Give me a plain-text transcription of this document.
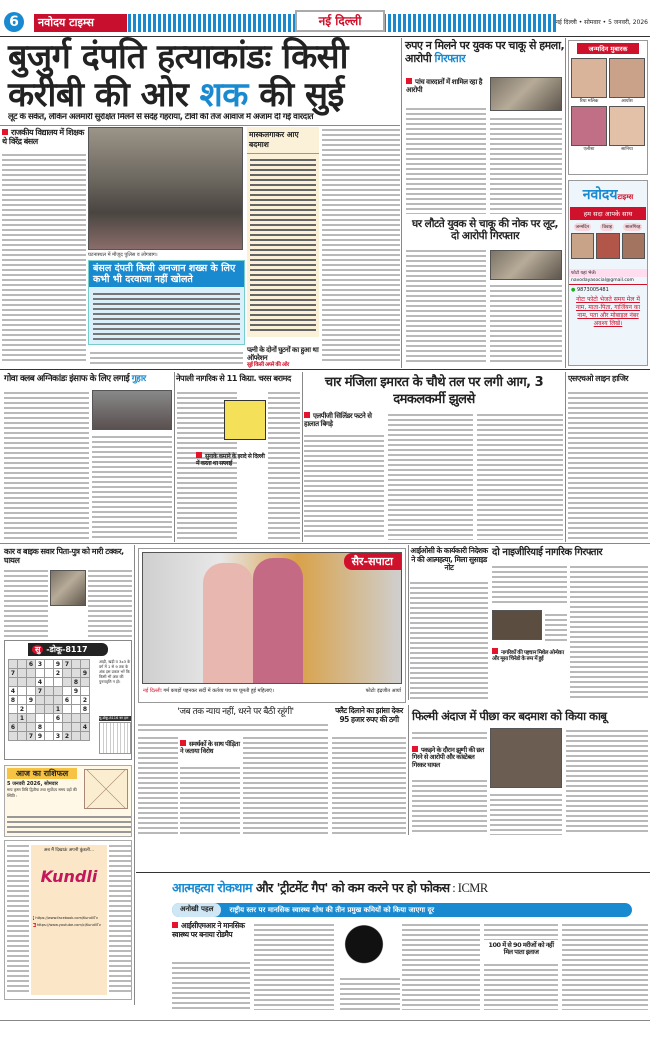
6	नवोदय टाइम्स	नई दिल्ली	नई दिल्ली • सोमवार • 5 जनवरी, 2026
बुजुर्ग दंपति हत्याकांडः किसी
करीबी की ओर शक की सुई
लूट के संकेत, लेकिन अलमारी सुरक्षित मिलने से संदेह गहराया, टीवी की तेज आवाज में अंजाम दी गई वारदात
राजकीय विद्यालय में शिक्षक थे विरेंद्र बंसल
घटनास्थल में मौजूद पुलिस व लोगबाग।
बंसल दंपती किसी अनजान शख्स के लिए कभी भी दरवाजा नहीं खोलते
मास्कलगाकर आए बदमाश
पत्नी के दोनों घुटनों का हुआ था ऑपरेशन
सुई किसी अपने की ओर
रुपए न मिलने पर युवक पर चाकू से हमला, आरोपी गिरफ्तार
पांच वारदातों में शामिल रहा है आरोपी
घर लौटते युवक से चाकू की नोक पर लूट, दो आरोपी गिरफ्तार
जन्मदिन मुबारक
रिया मलिक	आर्यांश
एलीशा	सानिया
नवोदयटाइम्स
हम सदा आपके साथ
जन्मदिन	विवाह	सालगिरह
फोटो यहां भेजें।
navodayasocial@gmail.com
● 9873005481
नोटः फोटो भेजते समय मेल में नाम, माता-पिता, गार्जियन का नाम, पता और मोबाइल नंबर अवश्य लिखें।
गोवा क्लब अग्निकांडः इंसाफ के लिए लगाई गुहार	नेपाली नागरिक से 11 किग्रा. चरस बरामद
सुनाके कमाने के इरादे से दिल्ली में करता था सप्लाई
चार मंजिला इमारत के चौथे तल पर लगी आग, 3 दमकलकर्मी झुलसे
एलपीजी सिलिंडर फटने से हालात बिगड़े
एसएचओ लाइन हाजिर
कार व बाइक सवार पिता-पुत्र को मारी टक्कर, घायल
सु -डोकू-8117
		6	3		9	7		
7					2			9
			4				8	
4			7				9	
8		9				6		2
	2				1			8
	1				6			
6			8					4
		7	9		3	2		
आड़ी, खड़ी व 3x3 के वर्ग में 1 से 9 तक के अंक इस प्रकार भरें कि किसी भी अंक की पुनरावृत्ति न हो।
सु-डोकू-8116 का हल
आज का राशिफल
5 जनवरी 2026, सोमवार
माघ कृष्ण तिथि द्वितीया तथा सूर्योदय समय ग्रहों की स्थिति :
अब मैं दिखाऊं अपनी कुंडली...
Kundli
f https://www.facebook.com/KundliTv
▶ https://www.youtube.com/c/KundliTv
सैर-सपाटा
नई दिल्लीः गर्म कपड़ों पहनकर सर्दी में कर्तव्य पथ पर घूमती हुई महिलाएं।	फोटोः इंद्रजीत आर्या
आईओसी के कार्यकारी निदेशक ने की आत्महत्या, मिला सुसाइड नोट
दो नाइजीरियाई नागरिक गिरफ्तार
नागरिकों की पहचान मिशेल ओन्येका और मूसा चिनेडो के रूप में हुई
'जब तक न्याय नहीं, धरने पर बैठी रहूंगी'
समर्थकों के साथ पीड़िता ने जताया विरोध
फ्लैट दिलाने का झांसा देकर 95 हजार रुपए की ठगी	फिल्मी अंदाज में पीछा कर बदमाश को किया काबू
पकड़ने के दौरान झुग्गी की छत गिरने से आरोपी और कांस्टेबल गिरकर घायल
आत्महत्या रोकथाम और 'ट्रीटमेंट गैप' को कम करने पर हो फोकस : ICMR
अनोखी पहल	राष्ट्रीय स्तर पर मानसिक स्वास्थ्य शोध की तीन प्रमुख कमियों को किया जाएगा दूर
आईसीएमआर ने मानसिक स्वास्थ्य पर बनाया रोडमैप
100 में से 90 मरीजों को नहीं मिल पाता इलाज
